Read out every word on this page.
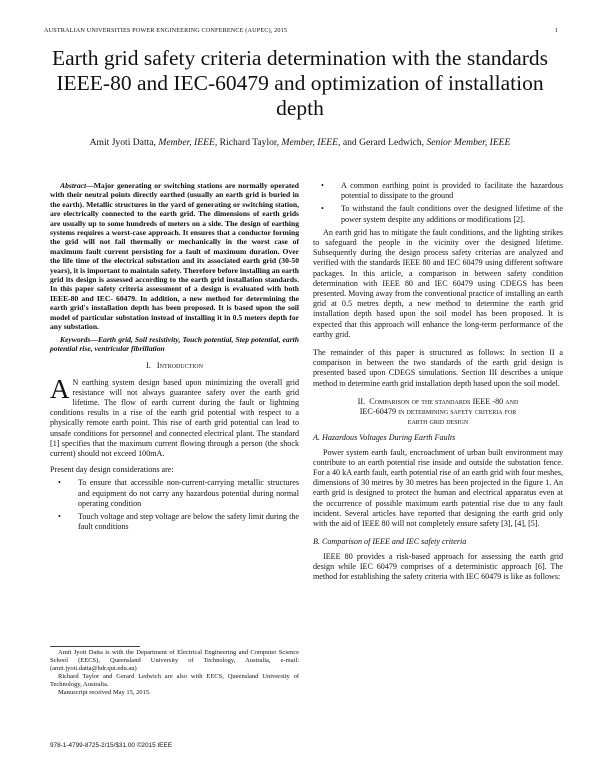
AUSTRALIAN UNIVERSITIES POWER ENGINEERING CONFERENCE (AUPEC), 2015	1
Earth grid safety criteria determination with the standards IEEE-80 and IEC-60479 and optimization of installation depth
Amit Jyoti Datta, Member, IEEE, Richard Taylor, Member, IEEE, and Gerard Ledwich, Senior Member, IEEE

Abstract—Major generating or switching stations are normally operated with their neutral points directly earthed (usually an earth grid is buried in the earth). Metallic structures in the yard of generating or switching station, are electrically connected to the earth grid. The dimensions of earth grids are usually up to some hundreds of meters on a side. The design of earthing systems requires a worst-case approach. It ensures that a conductor forming the grid will not fail thermally or mechanically in the worst case of maximum fault current persisting for a fault of maximum duration. Over the life time of the electrical substation and its associated earth grid (30-50 years), it is important to maintain safety. Therefore before installing an earth grid its design is assessed according to the earth grid installation standards. In this paper safety criteria assessment of a design is evaluated with both IEEE-80 and IEC- 60479. In addition, a new method for determining the earth grid's installation depth has been proposed. It is based upon the soil model of particular substation instead of installing it in 0.5 meters depth for any substation.

Keywords—Earth grid, Soil resistivity, Touch potential, Step potential, earth potential rise, ventricular fibrillation

I. Introduction

A N earthing system design based upon minimizing the overall grid resistance will not always guarantee safety over the earth grid lifetime. The flow of earth current during the fault or lightning conditions results in a rise of the earth grid potential with respect to a physically remote earth point. This rise of earth grid potential can lead to unsafe conditions for personnel and connected electrical plant. The standard [1] specifies that the maximum current flowing through a person (the shock current) should not exceed 100mA.

Present day design considerations are:

• To ensure that accessible non-current-carrying metallic structures and equipment do not carry any hazardous potential during normal operating condition
• Touch voltage and step voltage are below the safety limit during the fault conditions
• A common earthing point is provided to facilitate the hazardous potential to dissipate to the ground
• To withstand the fault conditions over the designed lifetime of the power system despite any additions or modifications [2].

An earth grid has to mitigate the fault conditions, and the lighting strikes to safeguard the people in the vicinity over the designed lifetime. Subsequently during the design process safety criterias are analyzed and verified with the standards IEEE 80 and IEC 60479 using different software packages. In this article, a comparison in between safety condition determination with IEEE 80 and IEC 60479 using CDEGS has been presented. Moving away from the conventional practice of installing an earth grid at 0.5 metres depth, a new method to determine the earth grid installation depth based upon the soil model has been proposed. It is expected that this approach will enhance the long-term performance of the earthy grid.

The remainder of this paper is structured as follows: In section II a comparison in between the two standards of the earth grid design is presented based upon CDEGS simulations. Section III describes a unique method to determine earth grid installation depth based upon the soil model.

II. Comparison of the standards IEEE -80 and
IEC-60479 in determining safety criteria for
earth grid design
A. Hazardous Voltages During Earth Faults

Power system earth fault, encroachment of urban built environment may contribute to an earth potential rise inside and outside the substation fence. For a 40 kA earth fault, earth potential rise of an earth grid with four meshes, dimensions of 30 metres by 30 metres has been projected in the figure 1. An earth grid is designed to protect the human and electrical apparatus even at the occurrence of possible maximum earth potential rise due to any fault incident. Several articles have reported that designing the earth grid only with the aid of IEEE 80 will not completely ensure safety [3], [4], [5].

B. Comparison of IEEE and IEC safety criteria

IEEE 80 provides a risk-based approach for assessing the earth grid design while IEC 60479 comprises of a deterministic approach [6]. The method for establishing the safety criteria with IEC 60479 is like as follows:

Amit Jyoti Datta is with the Department of Electrical Engineering and Computer Science School (EECS), Queensland University of Technology, Australia, e-mail: (amit.jyoti.datta@hdr.qut.edu.au)

Richard Taylor and Gerard Ledwich are also with EECS, Queensland University of Technology, Australia.

Manuscript received May 15, 2015.

978-1-4799-8725-2/15/$31.00 ©2015 IEEE
